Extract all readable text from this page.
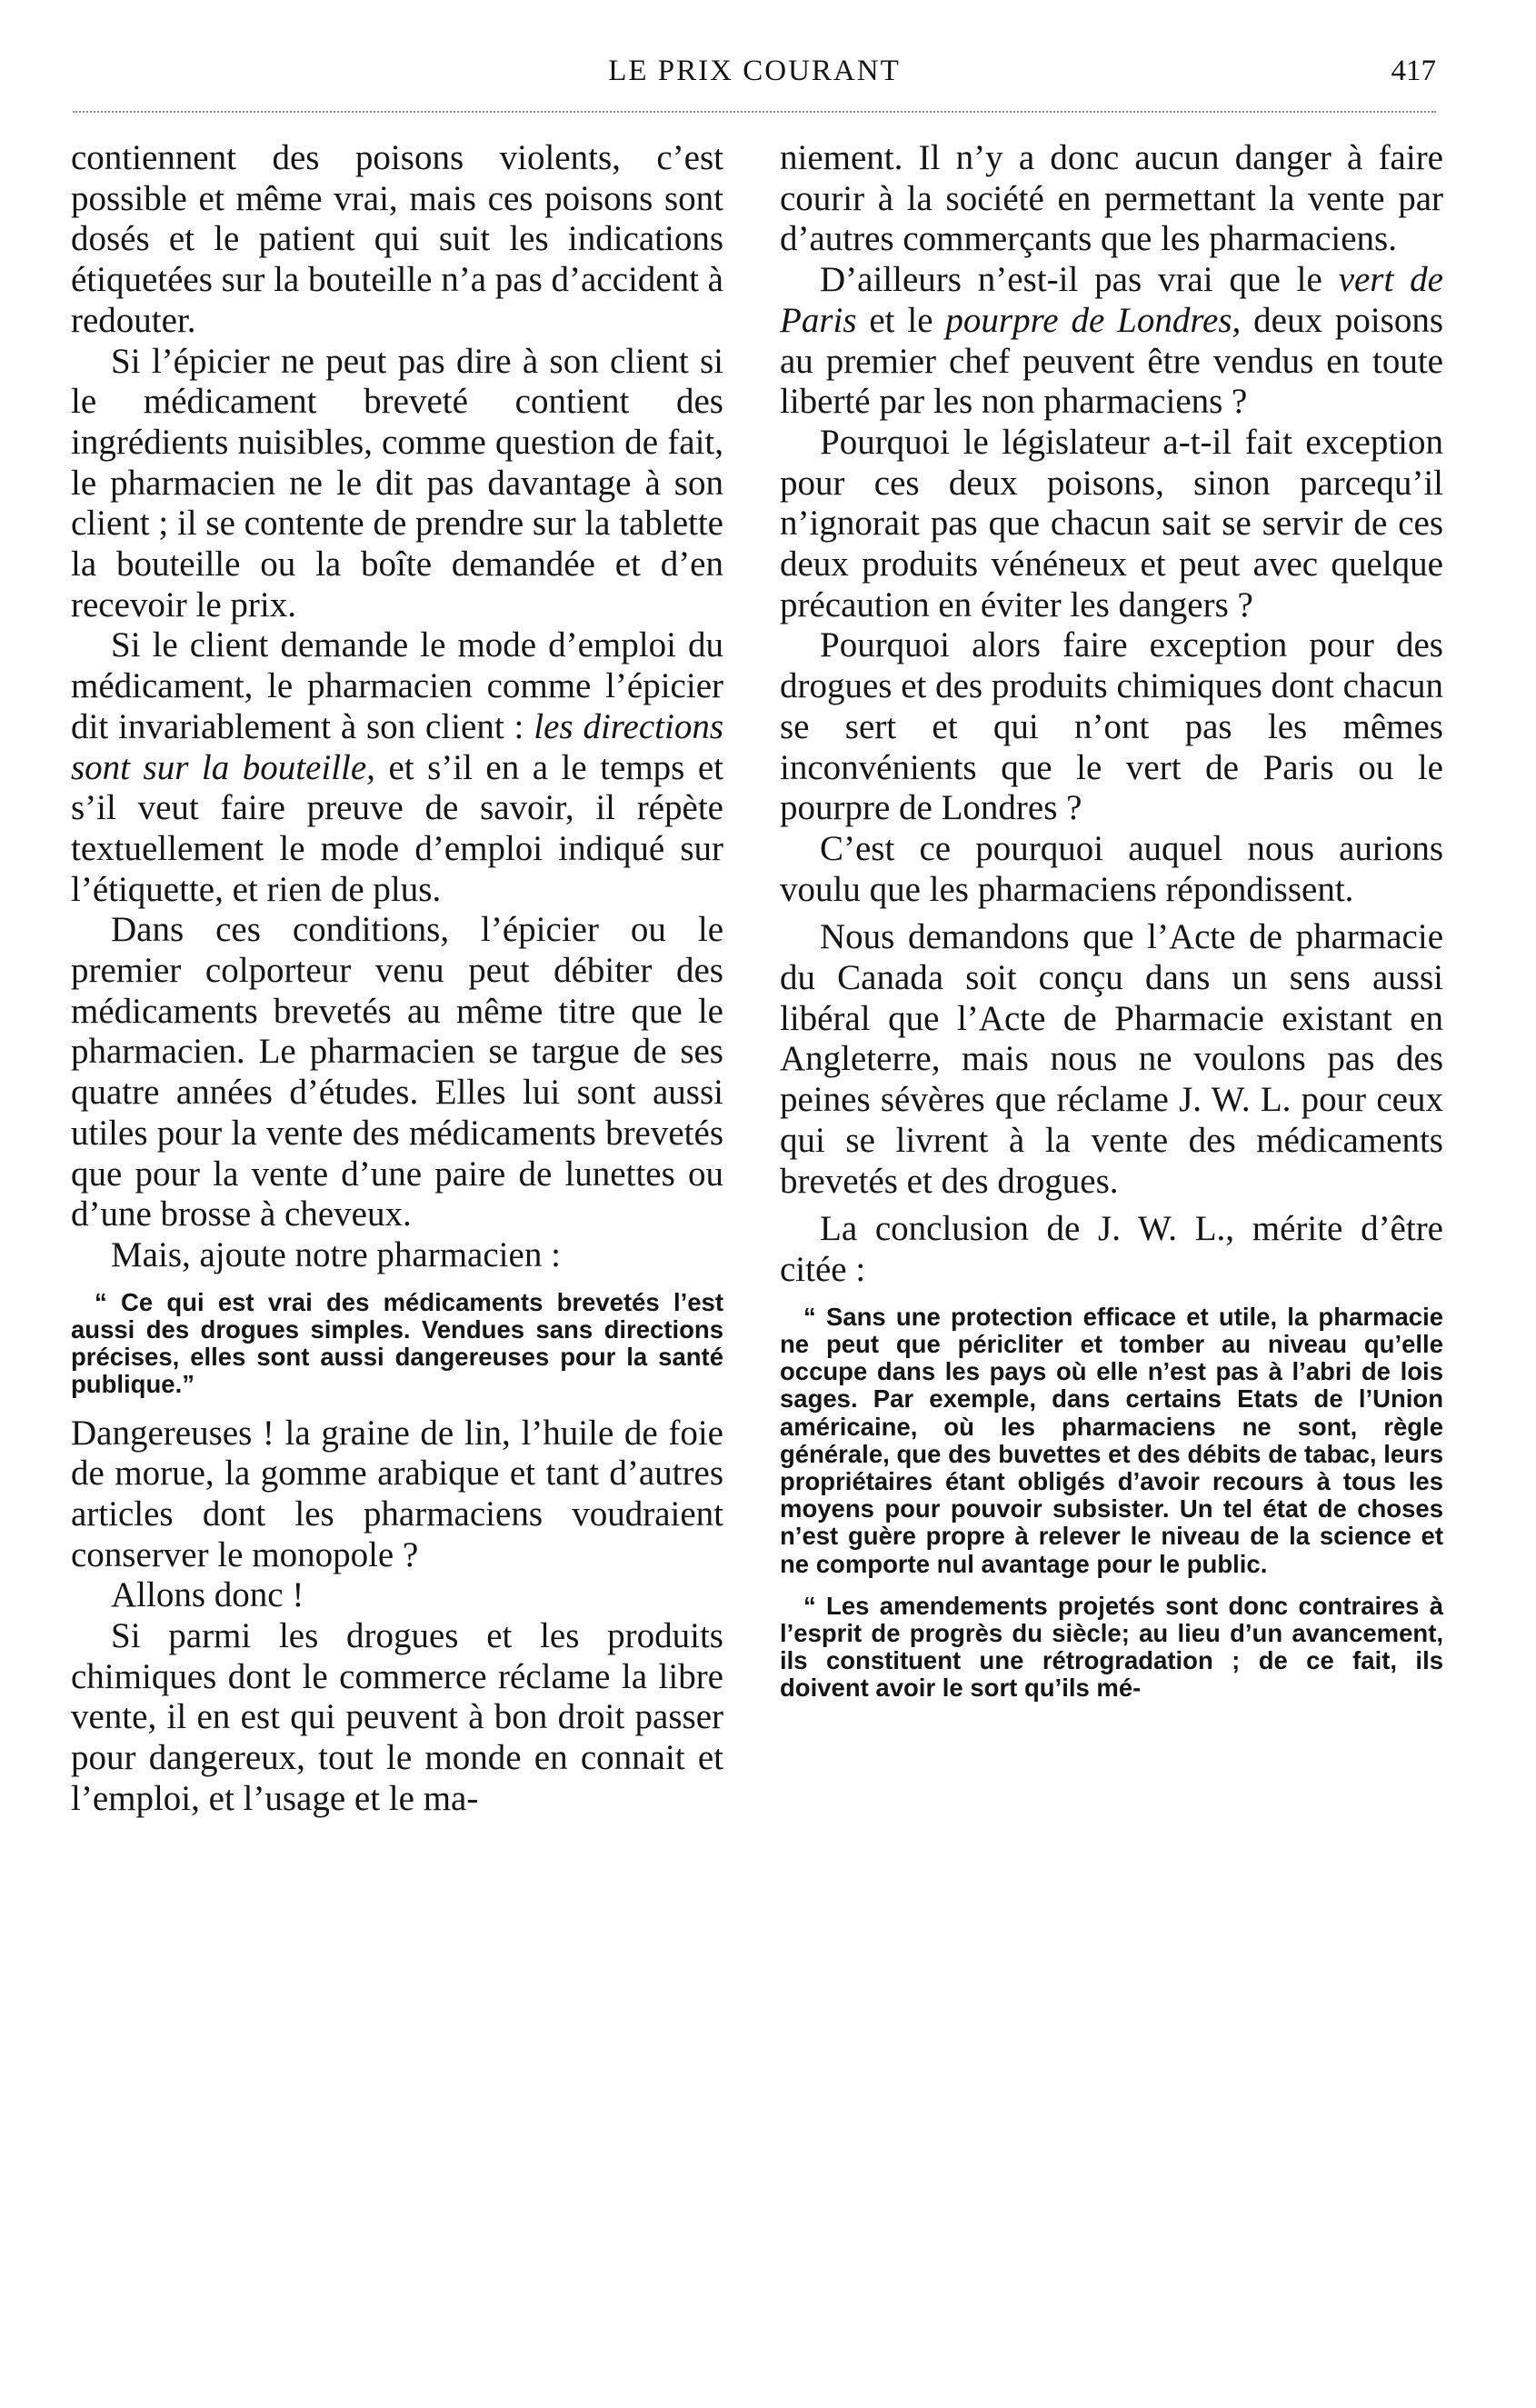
LE PRIX COURANT	417

contiennent des poisons violents, c’est possible et même vrai, mais ces poisons sont dosés et le patient qui suit les indications étiquetées sur la bouteille n’a pas d’accident à redouter.

Si l’épicier ne peut pas dire à son client si le médicament breveté contient des ingrédients nuisibles, comme question de fait, le pharmacien ne le dit pas davantage à son client ; il se contente de prendre sur la tablette la bouteille ou la boîte demandée et d’en recevoir le prix.

Si le client demande le mode d’emploi du médicament, le pharmacien comme l’épicier dit invariablement à son client : les directions sont sur la bouteille, et s’il en a le temps et s’il veut faire preuve de savoir, il répète textuellement le mode d’emploi indiqué sur l’étiquette, et rien de plus.

Dans ces conditions, l’épicier ou le premier colporteur venu peut débiter des médicaments brevetés au même titre que le pharmacien. Le pharmacien se targue de ses quatre années d’études. Elles lui sont aussi utiles pour la vente des médicaments brevetés que pour la vente d’une paire de lunettes ou d’une brosse à cheveux.

Mais, ajoute notre pharmacien :

“ Ce qui est vrai des médicaments brevetés l’est aussi des drogues simples. Vendues sans directions précises, elles sont aussi dangereuses pour la santé publique.”

Dangereuses ! la graine de lin, l’huile de foie de morue, la gomme arabique et tant d’autres articles dont les pharmaciens voudraient conserver le monopole ?

Allons donc !

Si parmi les drogues et les produits chimiques dont le commerce réclame la libre vente, il en est qui peuvent à bon droit passer pour dangereux, tout le monde en connait et l’emploi, et l’usage et le ma-

niement. Il n’y a donc aucun danger à faire courir à la société en permettant la vente par d’autres commerçants que les pharmaciens.

D’ailleurs n’est-il pas vrai que le vert de Paris et le pourpre de Londres, deux poisons au premier chef peuvent être vendus en toute liberté par les non pharmaciens ?

Pourquoi le législateur a-t-il fait exception pour ces deux poisons, sinon parcequ’il n’ignorait pas que chacun sait se servir de ces deux produits vénéneux et peut avec quelque précaution en éviter les dangers ?

Pourquoi alors faire exception pour des drogues et des produits chimiques dont chacun se sert et qui n’ont pas les mêmes inconvénients que le vert de Paris ou le pourpre de Londres ?

C’est ce pourquoi auquel nous aurions voulu que les pharmaciens répondissent.

Nous demandons que l’Acte de pharmacie du Canada soit conçu dans un sens aussi libéral que l’Acte de Pharmacie existant en Angleterre, mais nous ne voulons pas des peines sévères que réclame J. W. L. pour ceux qui se livrent à la vente des médicaments brevetés et des drogues.

La conclusion de J. W. L., mérite d’être citée :

“ Sans une protection efficace et utile, la pharmacie ne peut que péricliter et tomber au niveau qu’elle occupe dans les pays où elle n’est pas à l’abri de lois sages. Par exemple, dans certains Etats de l’Union américaine, où les pharmaciens ne sont, règle générale, que des buvettes et des débits de tabac, leurs propriétaires étant obligés d’avoir recours à tous les moyens pour pouvoir subsister. Un tel état de choses n’est guère propre à relever le niveau de la science et ne comporte nul avantage pour le public.

“ Les amendements projetés sont donc contraires à l’esprit de progrès du siècle; au lieu d’un avancement, ils constituent une rétrogradation ; de ce fait, ils doivent avoir le sort qu’ils mé-
